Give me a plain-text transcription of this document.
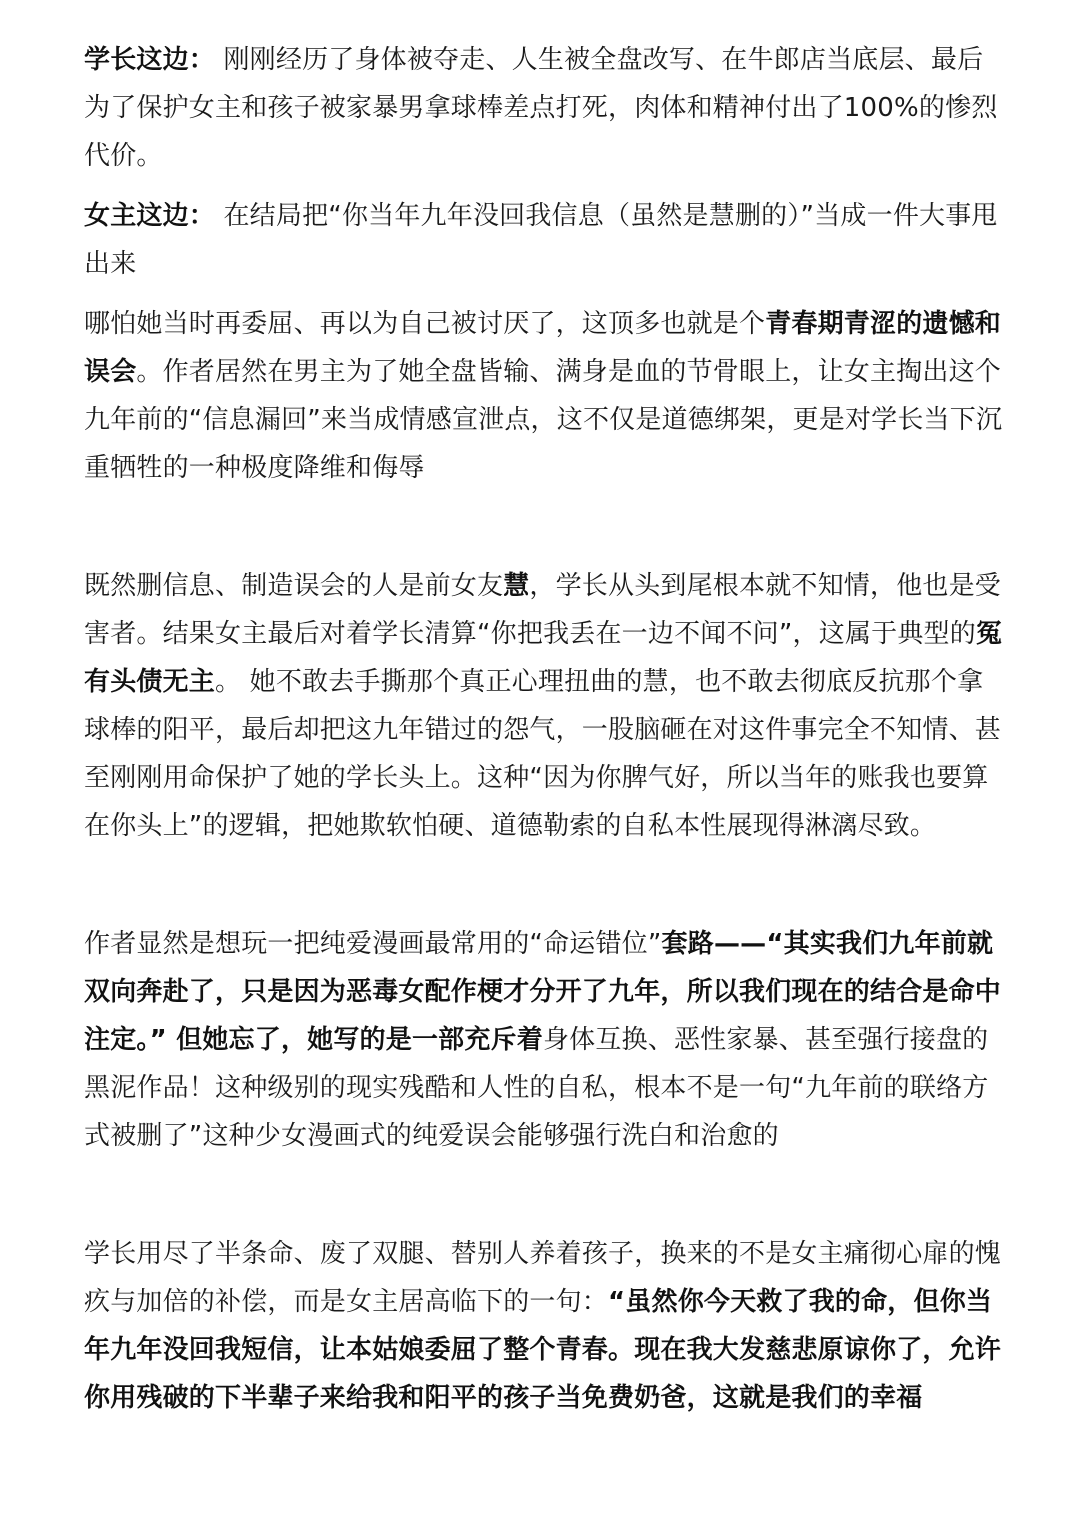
学长这边： 刚刚经历了身体被夺走、人生被全盘改写、在牛郎店当底层、最后为了保护女主和孩子被家暴男拿球棒差点打死，肉体和精神付出了100%的惨烈代价。

女主这边： 在结局把“你当年九年没回我信息（虽然是慧删的）”当成一件大事甩出来

哪怕她当时再委屈、再以为自己被讨厌了，这顶多也就是个青春期青涩的遗憾和误会。作者居然在男主为了她全盘皆输、满身是血的节骨眼上，让女主掏出这个九年前的“信息漏回”来当成情感宣泄点，这不仅是道德绑架，更是对学长当下沉重牺牲的一种极度降维和侮辱

既然删信息、制造误会的人是前女友慧，学长从头到尾根本就不知情，他也是受害者。结果女主最后对着学长清算“你把我丢在一边不闻不问”，这属于典型的冤有头债无主。 她不敢去手撕那个真正心理扭曲的慧，也不敢去彻底反抗那个拿球棒的阳平，最后却把这九年错过的怨气，一股脑砸在对这件事完全不知情、甚至刚刚用命保护了她的学长头上。这种“因为你脾气好，所以当年的账我也要算在你头上”的逻辑，把她欺软怕硬、道德勒索的自私本性展现得淋漓尽致。

作者显然是想玩一把纯爱漫画最常用的“命运错位”套路——“其实我们九年前就双向奔赴了，只是因为恶毒女配作梗才分开了九年，所以我们现在的结合是命中注定。” 但她忘了，她写的是一部充斥着身体互换、恶性家暴、甚至强行接盘的黑泥作品！这种级别的现实残酷和人性的自私，根本不是一句“九年前的联络方式被删了”这种少女漫画式的纯爱误会能够强行洗白和治愈的

学长用尽了半条命、废了双腿、替别人养着孩子，换来的不是女主痛彻心扉的愧疚与加倍的补偿，而是女主居高临下的一句：“虽然你今天救了我的命，但你当年九年没回我短信，让本姑娘委屈了整个青春。现在我大发慈悲原谅你了，允许你用残破的下半辈子来给我和阳平的孩子当免费奶爸，这就是我们的幸福
